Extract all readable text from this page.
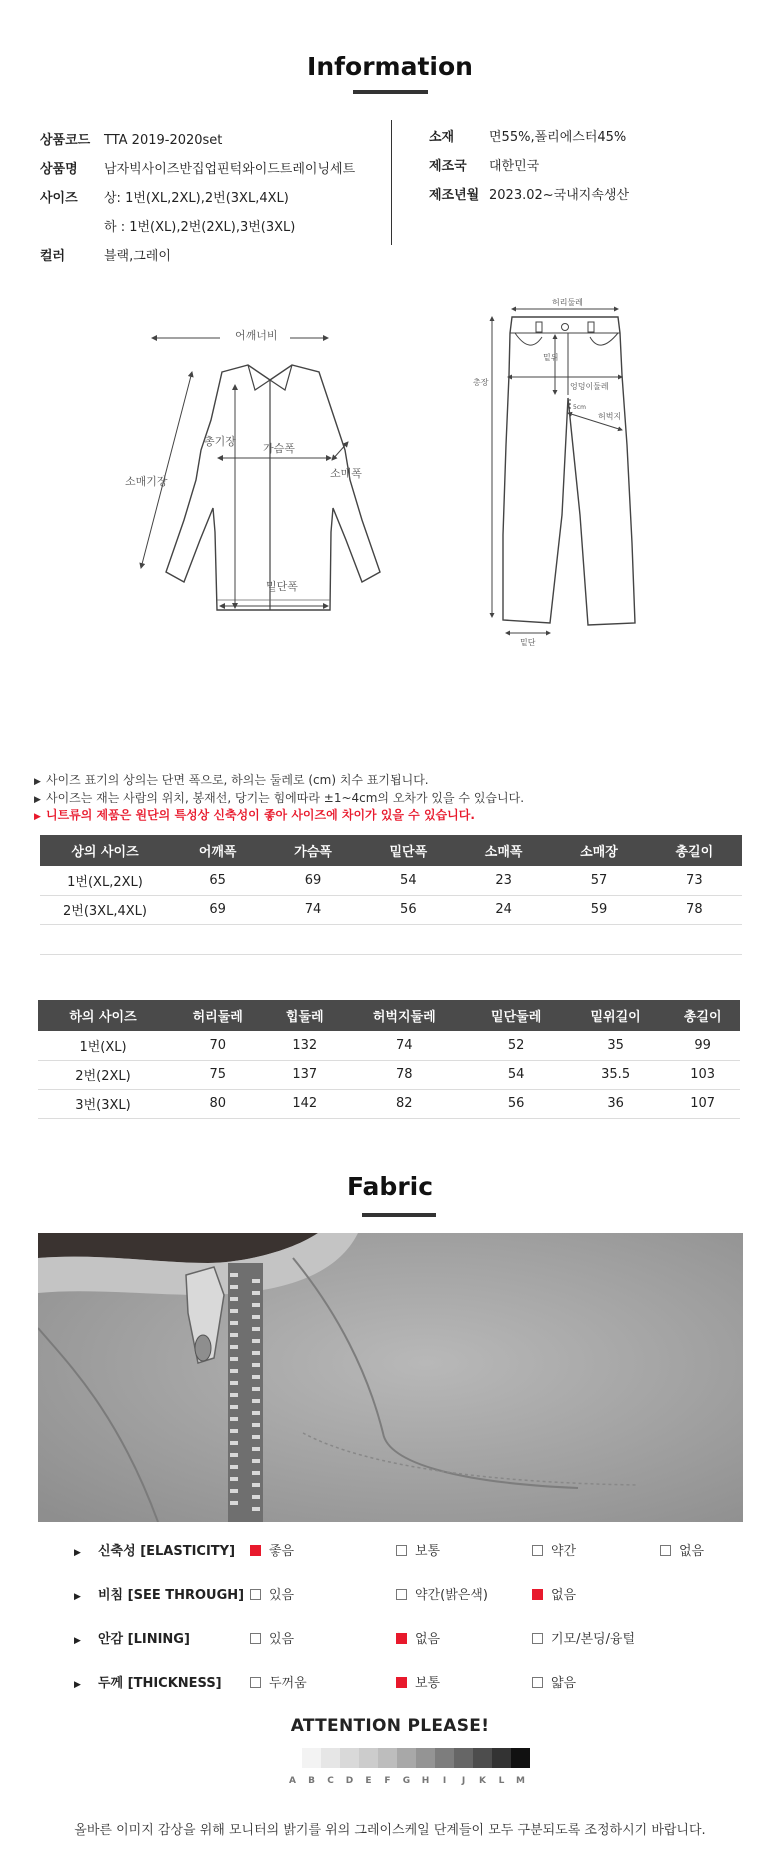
Information
상품코드 TTA 2019-2020set
상품명 남자빅사이즈반집업핀턱와이드트레이닝세트
사이즈 상: 1번(XL,2XL),2번(3XL,4XL)
하 : 1번(XL),2번(2XL),3번(3XL)
컬러	블랙,그레이
소재	면55%,폴리에스터45%
제조국 대한민국
제조년월 2023.02~국내지속생산
어깨너비
총기장
가슴폭
소매기장
소매폭
밑단폭
허리둘레
밑위
총장	엉덩이둘레
5cm
허벅지
밑단
▶ 사이즈 표기의 상의는 단면 폭으로, 하의는 둘레로 (cm) 치수 표기됩니다.
▶ 사이즈는 재는 사람의 위치, 봉재선, 당기는 힘에따라 ±1~4cm의 오차가 있을 수 있습니다.
▶ 니트류의 제품은 원단의 특성상 신축성이 좋아 사이즈에 차이가 있을 수 있습니다.
상의 사이즈	어깨폭	가슴폭	밑단폭	소매폭	소매장	총길이
1번(XL,2XL)	65	69	54	23	57	73
2번(3XL,4XL)	69	74	56	24	59	78

하의 사이즈	허리둘레	힙둘레	허벅지둘레	밑단둘레	밑위길이	총길이
1번(XL)	70	132	74	52	35	99
2번(2XL)	75	137	78	54	35.5	103
3번(3XL)	80	142	82	56	36	107
Fabric
▶ 신축성 [ELASTICITY]	좋음	보통	약간	없음
▶ 비침 [SEE THROUGH]	있음	약간(밝은색)	없음
▶ 안감 [LINING]	있음	없음	기모/본딩/융털
▶ 두께 [THICKNESS]	두꺼움	보통	얇음
ATTENTION PLEASE!
A	B	C	D	E	F	G	H	I	J	K	L	M
올바른 이미지 감상을 위해 모니터의 밝기를 위의 그레이스케일 단계들이 모두 구분되도록 조정하시기 바랍니다.
